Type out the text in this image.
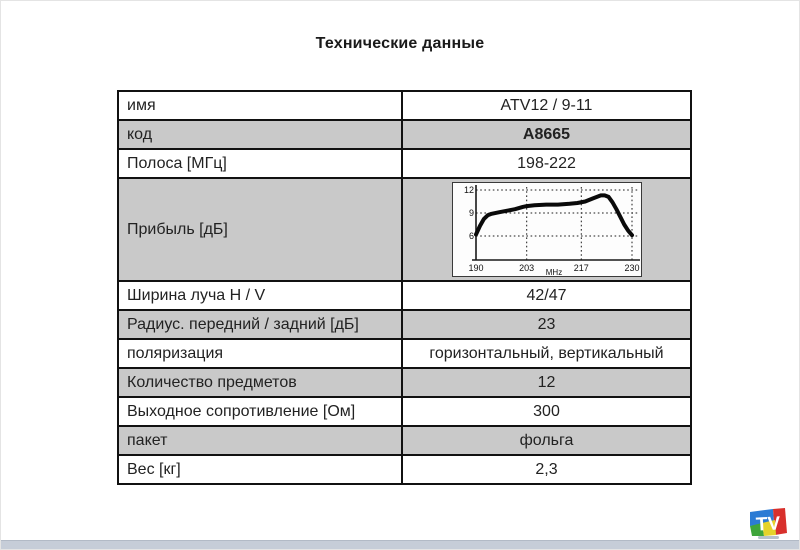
Технические данные
имя	ATV12 / 9-11
код	A8665
Полоса [МГц]	198-222
Прибыль [дБ]	6
9
12
190	203	217	230
MHz

Ширина луча H / V	42/47
Радиус. передний / задний [дБ]	23
поляризация	горизонтальный, вертикальный
Количество предметов	12
Выходное сопротивление [Ом]	300
пакет	фольга
Вес [кг]	2,3
TV
